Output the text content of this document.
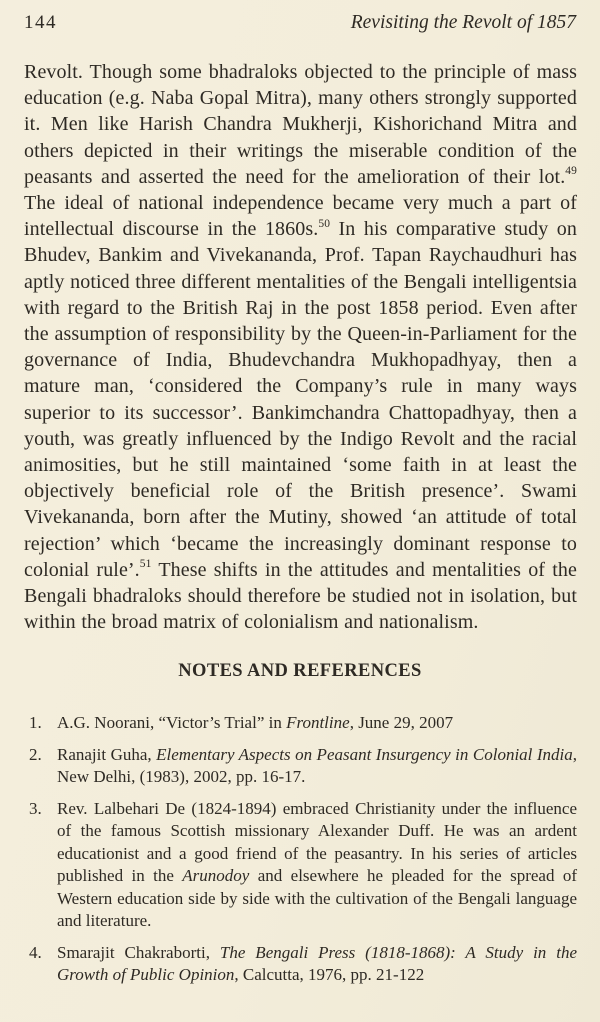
144	Revisiting the Revolt of 1857

Revolt. Though some bhadraloks objected to the principle of mass education (e.g. Naba Gopal Mitra), many others strongly supported it. Men like Harish Chandra Mukherji, Kishorichand Mitra and others depicted in their writings the miserable condition of the peasants and asserted the need for the amelioration of their lot.$^{49}$ The ideal of national independence became very much a part of intellectual discourse in the 1860s.$^{50}$ In his comparative study on Bhudev, Bankim and Vivekananda, Prof. Tapan Raychaudhuri has aptly noticed three different mentalities of the Bengali intelligentsia with regard to the British Raj in the post 1858 period. Even after the assumption of responsibility by the Queen-in-Parliament for the governance of India, Bhudevchandra Mukhopadhyay, then a mature man, ‘considered the Company’s rule in many ways superior to its successor’. Bankimchandra Chattopadhyay, then a youth, was greatly influenced by the Indigo Revolt and the racial animosities, but he still maintained ‘some faith in at least the objectively beneficial role of the British presence’. Swami Vivekananda, born after the Mutiny, showed ‘an attitude of total rejection’ which ‘became the increasingly dominant response to colonial rule’.$^{51}$ These shifts in the attitudes and mentalities of the Bengali bhadraloks should therefore be studied not in isolation, but within the broad matrix of colonialism and nationalism.

NOTES AND REFERENCES
1. A.G. Noorani, “Victor’s Trial” in Frontline, June 29, 2007
2. Ranajit Guha, Elementary Aspects on Peasant Insurgency in Colonial India, New Delhi, (1983), 2002, pp. 16-17.
3. Rev. Lalbehari De (1824-1894) embraced Christianity under the influence of the famous Scottish missionary Alexander Duff. He was an ardent educationist and a good friend of the peasantry. In his series of articles published in the Arunodoy and elsewhere he pleaded for the spread of Western education side by side with the cultivation of the Bengali language and literature.
4. Smarajit Chakraborti, The Bengali Press (1818-1868): A Study in the Growth of Public Opinion, Calcutta, 1976, pp. 21-122
